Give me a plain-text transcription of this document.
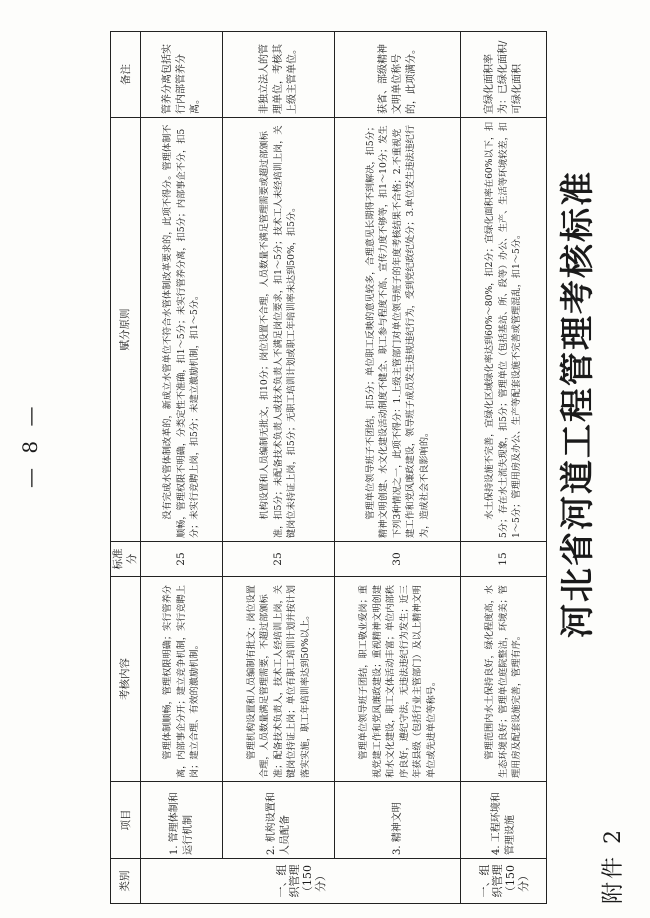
附件 2
河北省河道工程管理考核标准
类别	项目	考核内容	标准分	赋分原则	备注
一、组织管理（150分）	1. 管理体制和运行机制	管理体制顺畅，管理权限明确；实行管养分离，内部事企分开；建立竞争机制，实行竞聘上岗；建立合理、有效的激励机制。	25	没有完成水管体制改革的，新成立水管单位不符合水管体制改革要求的，此项不得分。管理体制不顺畅，管理权限不明确，分类定性不准确，扣1～5分；未实行管养分离，扣5分；内部事企不分，扣5分；未实行竞聘上岗，扣5分；未建立激励机制，扣1～5分。	管养分离包括实行内部管养分离。
	2. 机构设置和人员配备	管理机构设置和人员编制有批文；岗位设置合理，人员数量满足管理需要，不超过部颁标准；配备技术负责人，技术工人经培训上岗，关键岗位持证上岗；单位有职工培训计划并按计划落实实施，职工年培训率达到50%以上。	25	机构设置和人员编制无批文，扣10分；岗位设置不合理，人员数量不满足管理需要或超过部颁标准，扣5分；未配备技术负责人或技术负责人不满足岗位要求，扣1～5分；技术工人未经培训上岗，关键岗位未持证上岗，扣5分；无职工培训计划或职工年培训率未达到50%，扣5分。	非独立法人的管理单位，考核其上级主管单位。
	3. 精神文明	管理单位领导班子团结，职工敬业爱岗；重视党建工作和党风廉政建设；重视精神文明创建和水文化建设，职工文体活动丰富；单位内部秩序良好，遵纪守法，无违法违纪行为发生；近三年获县级（包括行业主管部门）及以上精神文明单位或先进单位等称号。	30	管理单位领导班子不团结，扣5分；单位职工反映的意见较多，合理意见长期得不到解决，扣5分；精神文明创建、水文化建设活动制度不健全、职工参与程度不高、宣传力度不够等，扣1～10分；发生下列3种情况之一，此项不得分：1.上级主管部门对单位领导班子的年度考核结果不合格；2.不重视党建工作和党风廉政建设，领导班子成员发生违规违纪行为，受到党纪政纪处分；3.单位发生违法违纪行为，造成社会不良影响的。	获省、部级精神文明单位称号的，此项满分。
一、组织管理（150分）	4. 工程环境和管理设施	管理范围内水土保持良好，绿化程度高，水生态环境良好；管理单位庭院整洁，环境美；管理用房及配套设施完善，管理有序。	15	水土保持设施不完善，宜绿化区域绿化率达到60%～80%，扣2分；宜绿化面积率在60%以下，扣5分；存在水土流失现象，扣5分；管理单位（包括基站、所、段等）办公、生产、生活等环境较差，扣1～5分；管理用房及办公、生产等配套设施不完善或管理混乱，扣1～5分。	宜绿化面积率为：已绿化面积/可绿化面积
— 8 —
